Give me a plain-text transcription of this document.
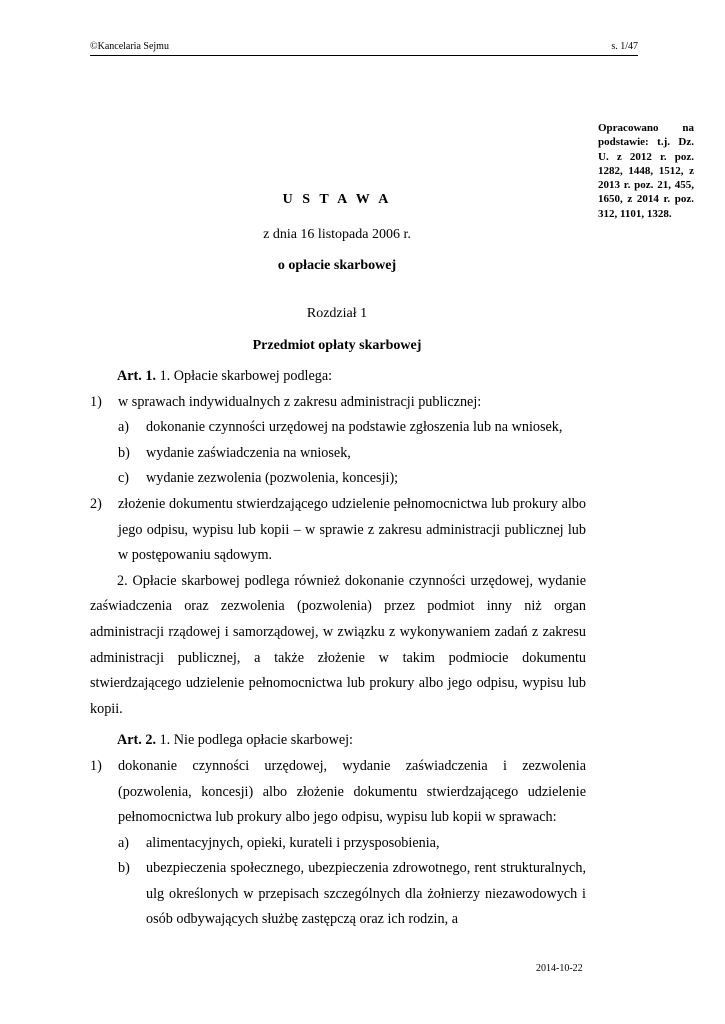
©Kancelaria Sejmu	s. 1/47
Opracowano na podstawie: t.j. Dz. U. z 2012 r. poz. 1282, 1448, 1512, z 2013 r. poz. 21, 455, 1650, z 2014 r. poz. 312, 1101, 1328.
U S T A W A
z dnia 16 listopada 2006 r.
o opłacie skarbowej
Rozdział 1
Przedmiot opłaty skarbowej

Art. 1. 1. Opłacie skarbowej podlega:

1)	w sprawach indywidualnych z zakresu administracji publicznej:
a)	dokonanie czynności urzędowej na podstawie zgłoszenia lub na wniosek,
b)	wydanie zaświadczenia na wniosek,
c)	wydanie zezwolenia (pozwolenia, koncesji);
2)	złożenie dokumentu stwierdzającego udzielenie pełnomocnictwa lub prokury albo jego odpisu, wypisu lub kopii – w sprawie z zakresu administracji publicznej lub w postępowaniu sądowym.

2. Opłacie skarbowej podlega również dokonanie czynności urzędowej, wydanie zaświadczenia oraz zezwolenia (pozwolenia) przez podmiot inny niż organ administracji rządowej i samorządowej, w związku z wykonywaniem zadań z zakresu administracji publicznej, a także złożenie w takim podmiocie dokumentu stwierdzającego udzielenie pełnomocnictwa lub prokury albo jego odpisu, wypisu lub kopii.

Art. 2. 1. Nie podlega opłacie skarbowej:

1)	dokonanie czynności urzędowej, wydanie zaświadczenia i zezwolenia (pozwolenia, koncesji) albo złożenie dokumentu stwierdzającego udzielenie pełnomocnictwa lub prokury albo jego odpisu, wypisu lub kopii w sprawach:
a)	alimentacyjnych, opieki, kurateli i przysposobienia,
b)	ubezpieczenia społecznego, ubezpieczenia zdrowotnego, rent strukturalnych, ulg określonych w przepisach szczególnych dla żołnierzy niezawodowych i osób odbywających służbę zastępczą oraz ich rodzin, a
2014-10-22
